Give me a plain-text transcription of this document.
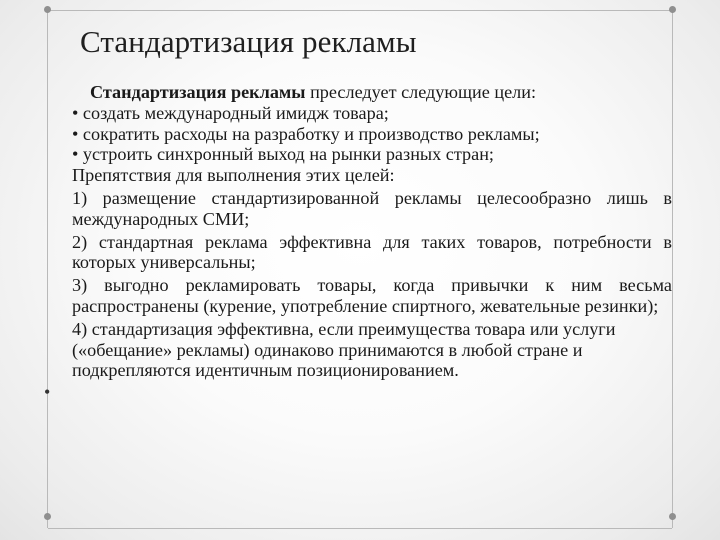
Стандартизация рекламы
•
Стандартизация рекламы преследует следующие цели:
• создать международный имидж товара;
• сократить расходы на разработку и производство рекламы;
• устроить синхронный выход на рынки разных стран;
Препятствия для выполнения этих целей:
1) размещение стандартизированной рекламы целесообразно лишь в международных СМИ;
2) стандартная реклама эффективна для таких товаров, потребности в которых универсальны;
3) выгодно рекламировать товары, когда привычки к ним весьма распространены (курение, употребление спиртного, жевательные резинки);
4) стандартизация эффективна, если преимущества товара или услуги («обещание» рекламы) одинаково принимаются в любой стране и подкрепляются идентичным позиционированием.
